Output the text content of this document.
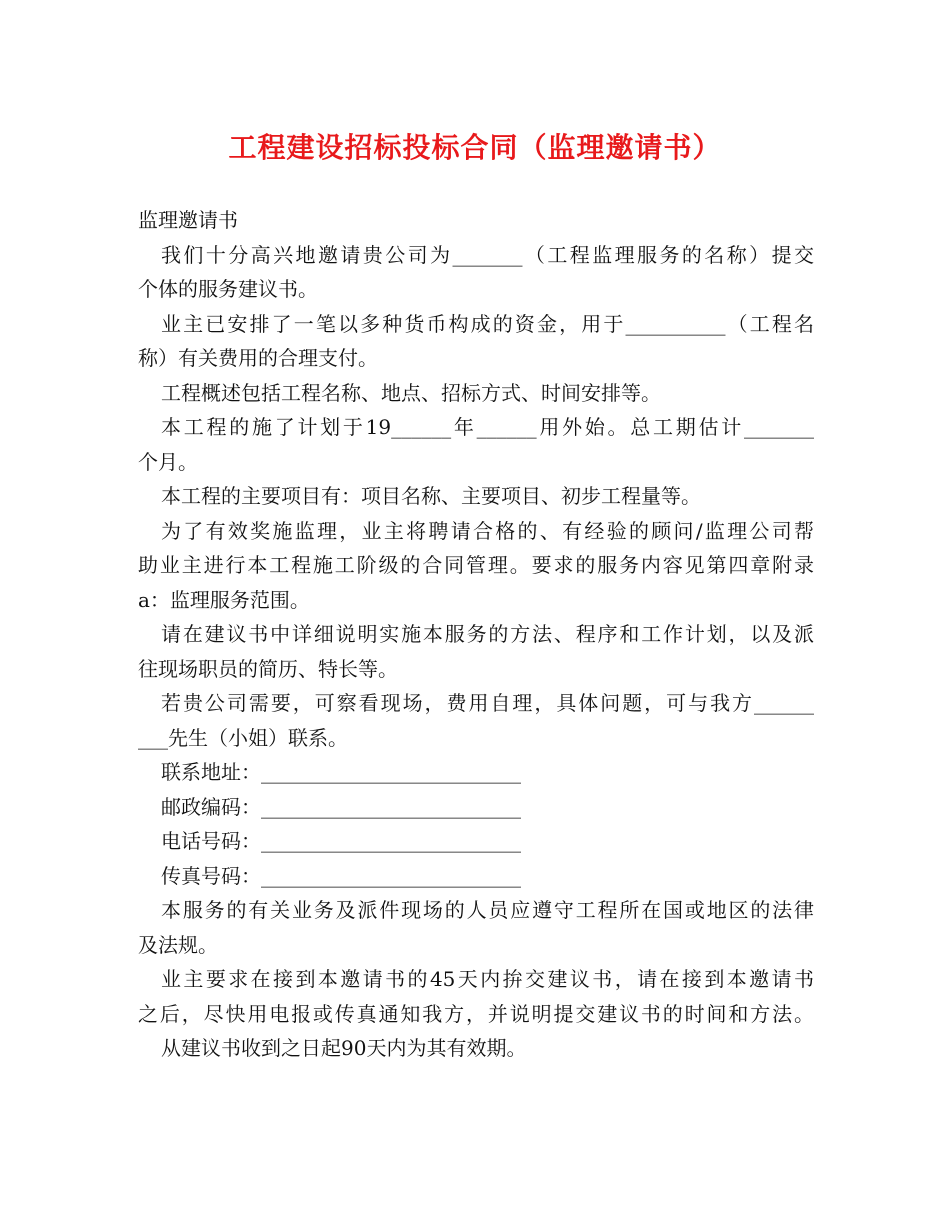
工程建设招标投标合同（监理邀请书）
监理邀请书
我们十分高兴地邀请贵公司为_______（工程监理服务的名称）提交
个体的服务建议书。
业主已安排了一笔以多种货币构成的资金，用于__________（工程名
称）有关费用的合理支付。
工程概述包括工程名称、地点、招标方式、时间安排等。
本工程的施了计划于19______年______用外始。总工期估计_______
个月。
本工程的主要项目有：项目名称、主要项目、初步工程量等。
为了有效奖施监理，业主将聘请合格的、有经验的顾问/监理公司帮
助业主进行本工程施工阶级的合同管理。要求的服务内容见第四章附录
a：监理服务范围。
请在建议书中详细说明实施本服务的方法、程序和工作计划，以及派
往现场职员的简历、特长等。
若贵公司需要，可察看现场，费用自理，具体问题，可与我方______
___先生（小姐）联系。
联系地址：__________________________
邮政编码：__________________________
电话号码：__________________________
传真号码：__________________________
本服务的有关业务及派件现场的人员应遵守工程所在国或地区的法律
及法规。
业主要求在接到本邀请书的45天内拚交建议书，请在接到本邀请书
之后，尽快用电报或传真通知我方，并说明提交建议书的时间和方法。
从建议书收到之日起90天内为其有效期。
